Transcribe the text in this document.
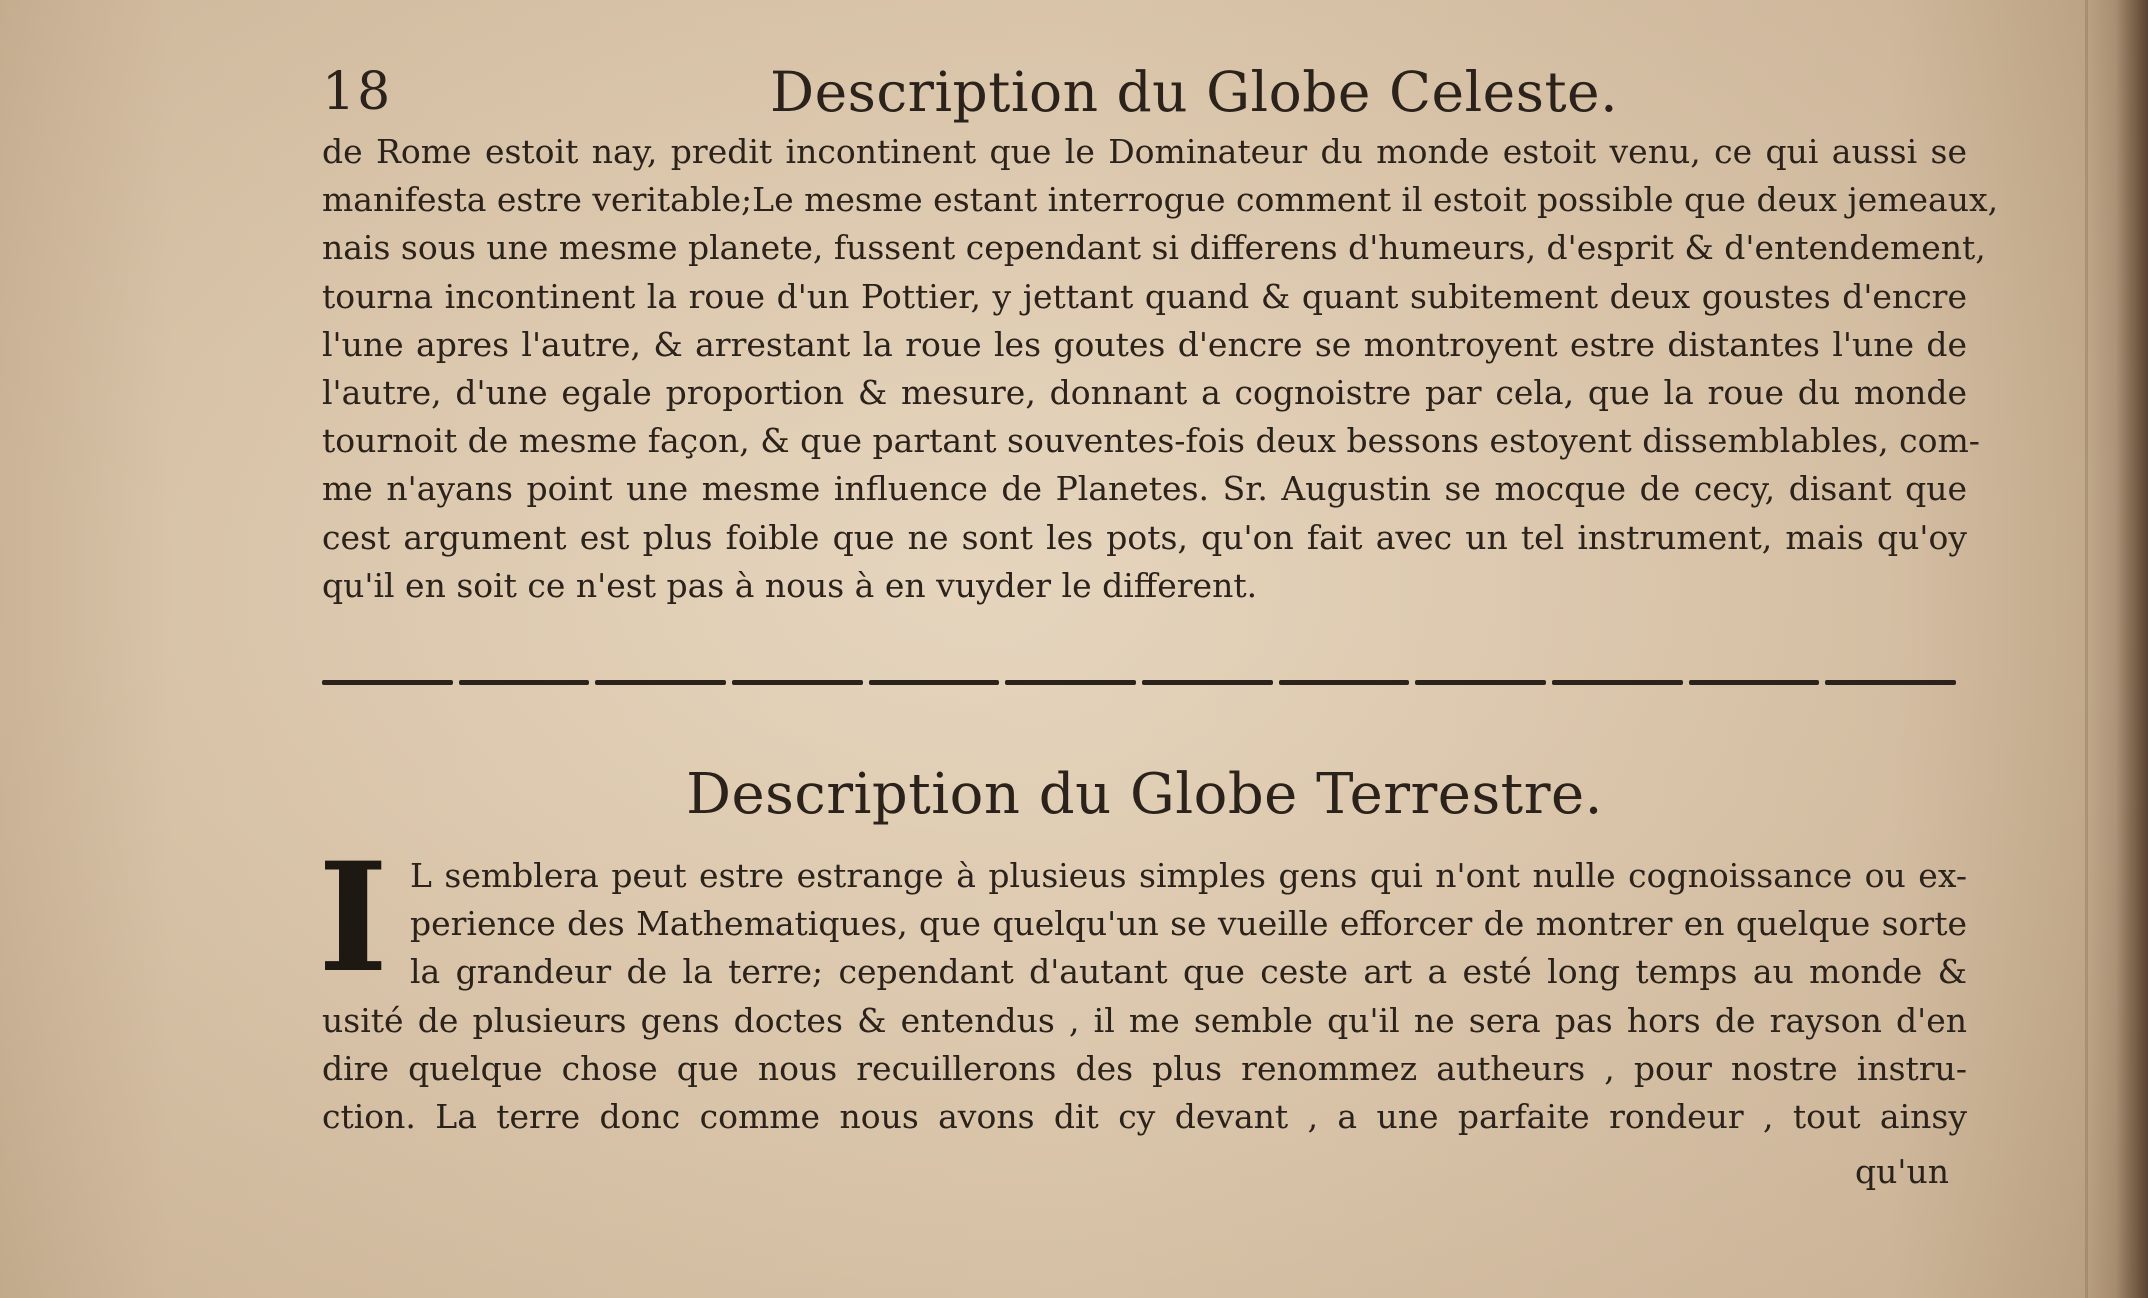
18	Description du Globe Celeste.
de Rome estoit nay, predit incontinent que le Dominateur du monde estoit venu, ce qui aussi se
manifesta estre veritable;Le mesme estant interrogue comment il estoit possible que deux jemeaux,
nais sous une mesme planete, fussent cependant si differens d'humeurs, d'esprit & d'entendement,
tourna incontinent la roue d'un Pottier, y jettant quand & quant subitement deux goustes d'encre
l'une apres l'autre, & arrestant la roue les goutes d'encre se montroyent estre distantes l'une de
l'autre, d'une egale proportion & mesure, donnant a cognoistre par cela, que la roue du monde
tournoit de mesme façon, & que partant souventes-fois deux bessons estoyent dissemblables, com-
me n'ayans point une mesme influence de Planetes. Sr. Augustin se mocque de cecy, disant que
cest argument est plus foible que ne sont les pots, qu'on fait avec un tel instrument, mais qu'oy
qu'il en soit ce n'est pas à nous à en vuyder le different.
Description du Globe Terrestre.
I L semblera peut estre estrange à plusieus simples gens qui n'ont nulle cognoissance ou ex-
perience des Mathematiques, que quelqu'un se vueille efforcer de montrer en quelque sorte
la grandeur de la terre; cependant d'autant que ceste art a esté long temps au monde &
usité de plusieurs gens doctes & entendus , il me semble qu'il ne sera pas hors de rayson d'en
dire quelque chose que nous recuillerons des plus renommez autheurs , pour nostre instru-
ction. La terre donc comme nous avons dit cy devant , a une parfaite rondeur , tout ainsy
qu'un
